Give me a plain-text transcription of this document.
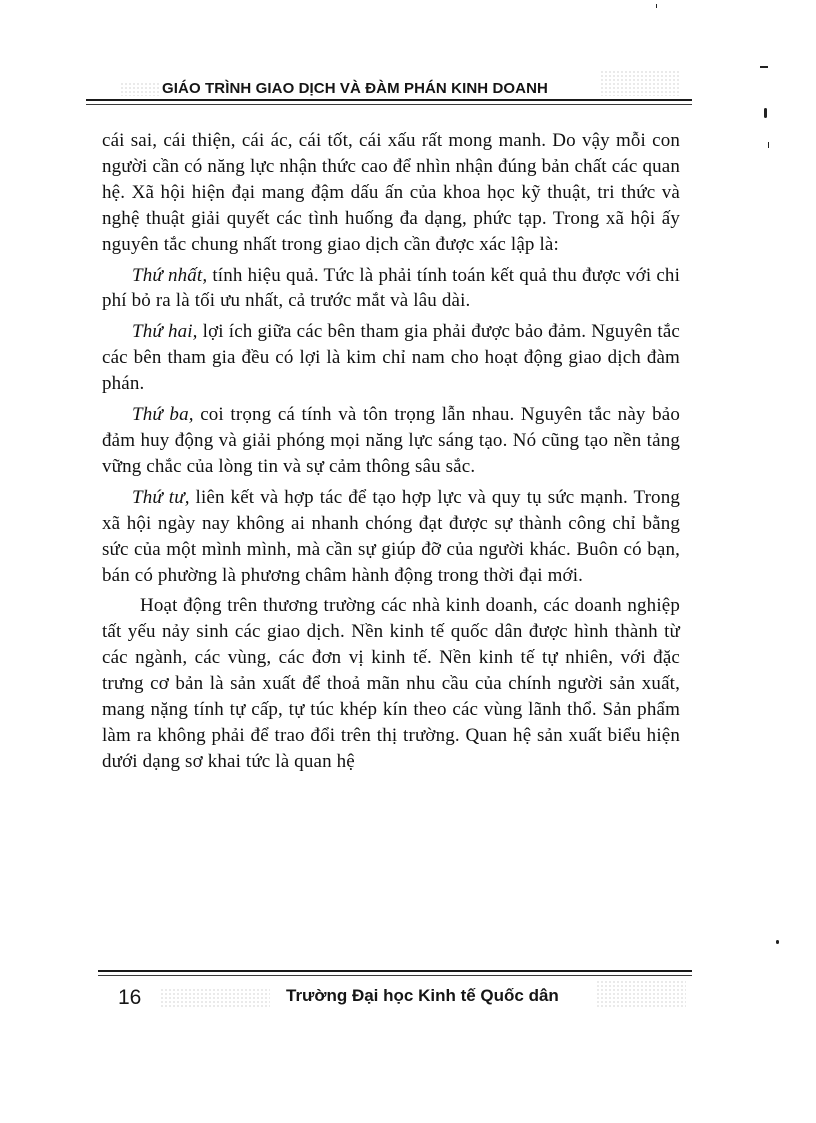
GIÁO TRÌNH GIAO DỊCH VÀ ĐÀM PHÁN KINH DOANH

cái sai, cái thiện, cái ác, cái tốt, cái xấu rất mong manh. Do vậy mỗi con người cần có năng lực nhận thức cao để nhìn nhận đúng bản chất các quan hệ. Xã hội hiện đại mang đậm dấu ấn của khoa học kỹ thuật, tri thức và nghệ thuật giải quyết các tình huống đa dạng, phức tạp. Trong xã hội ấy nguyên tắc chung nhất trong giao dịch cần được xác lập là:

Thứ nhất, tính hiệu quả. Tức là phải tính toán kết quả thu được với chi phí bỏ ra là tối ưu nhất, cả trước mắt và lâu dài.

Thứ hai, lợi ích giữa các bên tham gia phải được bảo đảm. Nguyên tắc các bên tham gia đều có lợi là kim chỉ nam cho hoạt động giao dịch đàm phán.

Thứ ba, coi trọng cá tính và tôn trọng lẫn nhau. Nguyên tắc này bảo đảm huy động và giải phóng mọi năng lực sáng tạo. Nó cũng tạo nền tảng vững chắc của lòng tin và sự cảm thông sâu sắc.

Thứ tư, liên kết và hợp tác để tạo hợp lực và quy tụ sức mạnh. Trong xã hội ngày nay không ai nhanh chóng đạt được sự thành công chỉ bằng sức của một mình mình, mà cần sự giúp đỡ của người khác. Buôn có bạn, bán có phường là phương châm hành động trong thời đại mới.

Hoạt động trên thương trường các nhà kinh doanh, các doanh nghiệp tất yếu nảy sinh các giao dịch. Nền kinh tế quốc dân được hình thành từ các ngành, các vùng, các đơn vị kinh tế. Nền kinh tế tự nhiên, với đặc trưng cơ bản là sản xuất để thoả mãn nhu cầu của chính người sản xuất, mang nặng tính tự cấp, tự túc khép kín theo các vùng lãnh thổ. Sản phẩm làm ra không phải để trao đổi trên thị trường. Quan hệ sản xuất biểu hiện dưới dạng sơ khai tức là quan hệ

16	Trường Đại học Kinh tế Quốc dân
